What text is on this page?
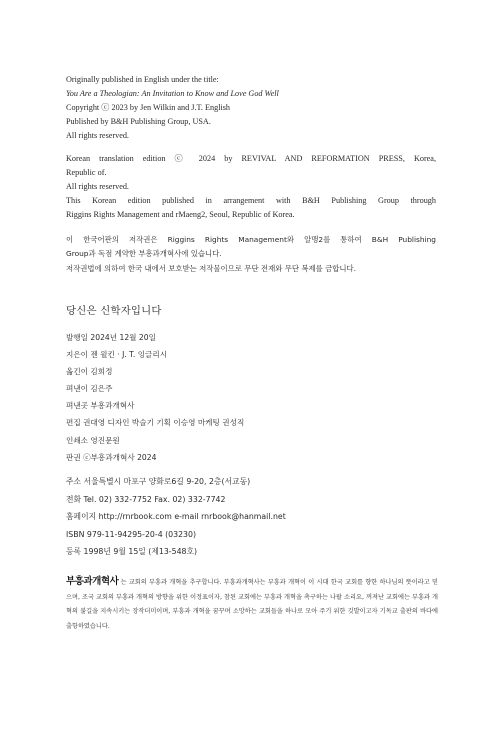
Originally published in English under the title:
You Are a Theologian: An Invitation to Know and Love God Well
Copyright ⓒ 2023 by Jen Wilkin and J.T. English
Published by B&H Publishing Group, USA.
All rights reserved.
Korean translation edition ⓒ 2024 by REVIVAL AND REFORMATION PRESS, Korea,
Republic of.
All rights reserved.
This Korean edition published in arrangement with B&H Publishing Group through
Riggins Rights Management and rMaeng2, Seoul, Republic of Korea.
이 한국어판의 저작권은 Riggins Rights Management와 알맹2를 통하여 B&H Publishing
Group과 독점 계약한 부흥과개혁사에 있습니다.
저작권법에 의하여 한국 내에서 보호받는 저작물이므로 무단 전재와 무단 복제를 금합니다.
당신은 신학자입니다
발행일 2024년 12월 20일
지은이 젠 윌킨 · J. T. 잉글리시
옮긴이 김희정
펴낸이 김은주
펴낸곳 부흥과개혁사
편집 권대영 디자인 박슬기 기획 이승영 마케팅 권성직
인쇄소 영진문원
판권 ⓒ부흥과개혁사 2024
주소 서울특별시 마포구 양화로6길 9-20, 2층(서교동)
전화 Tel. 02) 332-7752 Fax. 02) 332-7742
홈페이지 http://rnrbook.com e-mail rnrbook@hanmail.net
ISBN 979-11-94295-20-4 (03230)
등록 1998년 9월 15일 (제13-548호)
부흥과개혁사 는 교회의 부흥과 개혁을 추구합니다. 부흥과개혁사는 부흥과 개혁이 이 시대 한국 교회를 향한 하나님의 뜻이라고 믿으며, 조국 교회의 부흥과 개혁의 방향을 위한 이정표이자, 참된 교회에는 부흥과 개혁을 촉구하는 나팔 소리요, 꺼져난 교회에는 부흥과 개혁의 불길을 지속시키는 장작더미이며, 부흥과 개혁을 꿈꾸며 소망하는 교회들을 하나로 모아 주기 위한 깃발이고자 기독교 출판의 바다에 출항하였습니다.
